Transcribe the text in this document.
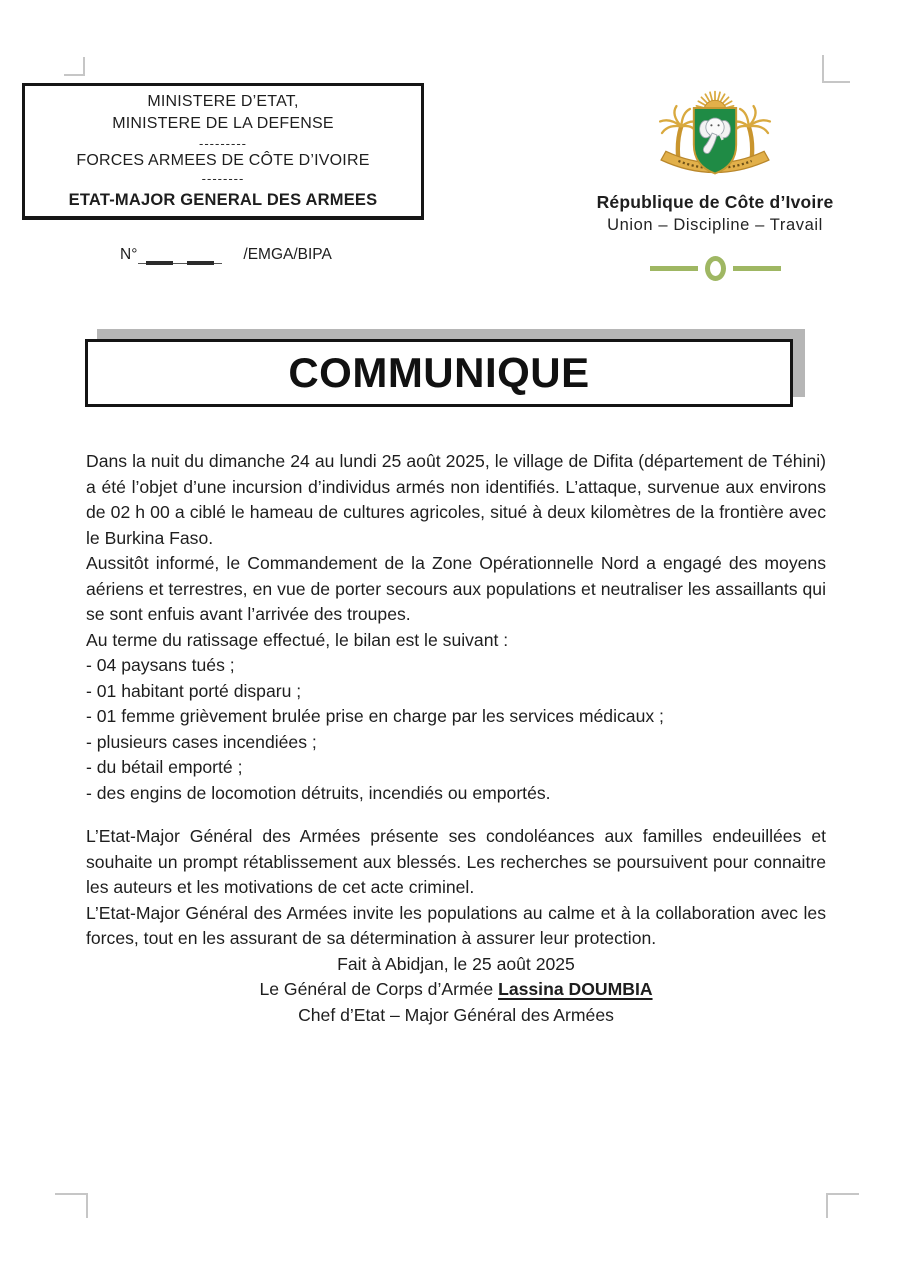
MINISTERE D’ETAT,
MINISTERE DE LA DEFENSE
---------
FORCES ARMEES DE CÔTE D’IVOIRE
--------
ETAT-MAJOR GENERAL DES ARMEES	République de Côte d’Ivoire
Union – Discipline – Travail
N°	/EMGA/BIPA
COMMUNIQUE

Dans la nuit du dimanche 24 au lundi 25 août 2025, le village de Difita (département de Téhini) a été l’objet d’une incursion d’individus armés non identifiés. L’attaque, survenue aux environs de 02 h 00 a ciblé le hameau de cultures agricoles, situé à deux kilomètres de la frontière avec le Burkina Faso.

Aussitôt informé, le Commandement de la Zone Opérationnelle Nord a engagé des moyens aériens et terrestres, en vue de porter secours aux populations et neutraliser les assaillants qui se sont enfuis avant l’arrivée des troupes.

Au terme du ratissage effectué, le bilan est le suivant :
- 04 paysans tués ;
- 01 habitant porté disparu ;
- 01 femme grièvement brulée prise en charge par les services médicaux ;
- plusieurs cases incendiées ;
- du bétail emporté ;
- des engins de locomotion détruits, incendiés ou emportés.

L’Etat-Major Général des Armées présente ses condoléances aux familles endeuillées et souhaite un prompt rétablissement aux blessés. Les recherches se poursuivent pour connaitre les auteurs et les motivations de cet acte criminel.

L’Etat-Major Général des Armées invite les populations au calme et à la collaboration avec les forces, tout en les assurant de sa détermination à assurer leur protection.

Fait à Abidjan, le 25 août 2025

Le Général de Corps d’Armée Lassina DOUMBIA

Chef d’Etat – Major Général des Armées
